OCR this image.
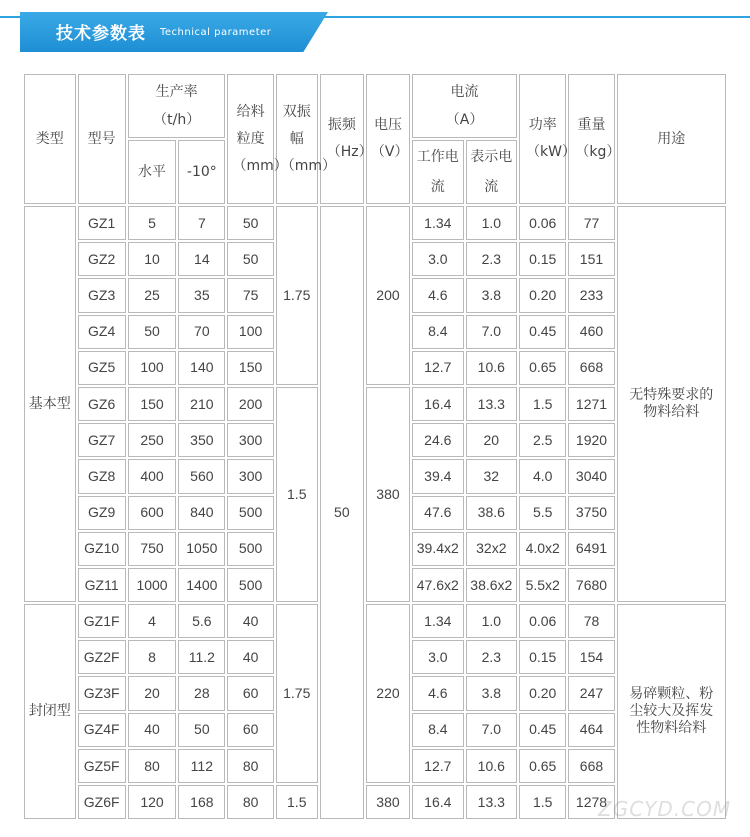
技术参数表 Technical parameter
类型	型号	生产率（t/h）		给料粒度（mm）	双振幅（mm）	振频（Hz）	电压（V）	电流（A）		功率（kW）	重量（kg）	用途
		水平	-10°					工作电流	表示电流			
基本型	GZ1	5	7	50	1.75	50	200	1.34	1.0	0.06	77	无特殊要求的物料给料
	GZ2	10	14	50				3.0	2.3	0.15	151	
	GZ3	25	35	75				4.6	3.8	0.20	233	
	GZ4	50	70	100				8.4	7.0	0.45	460	
	GZ5	100	140	150				12.7	10.6	0.65	668	
	GZ6	150	210	200	1.5		380	16.4	13.3	1.5	1271	
	GZ7	250	350	300				24.6	20	2.5	1920	
	GZ8	400	560	300				39.4	32	4.0	3040	
	GZ9	600	840	500				47.6	38.6	5.5	3750	
	GZ10	750	1050	500				39.4x2	32x2	4.0x2	6491	
	GZ11	1000	1400	500				47.6x2	38.6x2	5.5x2	7680	
封闭型	GZ1F	4	5.6	40	1.75		220	1.34	1.0	0.06	78	易碎颗粒、粉尘较大及挥发性物料给料
	GZ2F	8	11.2	40				3.0	2.3	0.15	154	
	GZ3F	20	28	60				4.6	3.8	0.20	247	
	GZ4F	40	50	60				8.4	7.0	0.45	464	
	GZ5F	80	112	80				12.7	10.6	0.65	668	
	GZ6F	120	168	80	1.5		380	16.4	13.3	1.5	1278	
ZGCYD.COM
